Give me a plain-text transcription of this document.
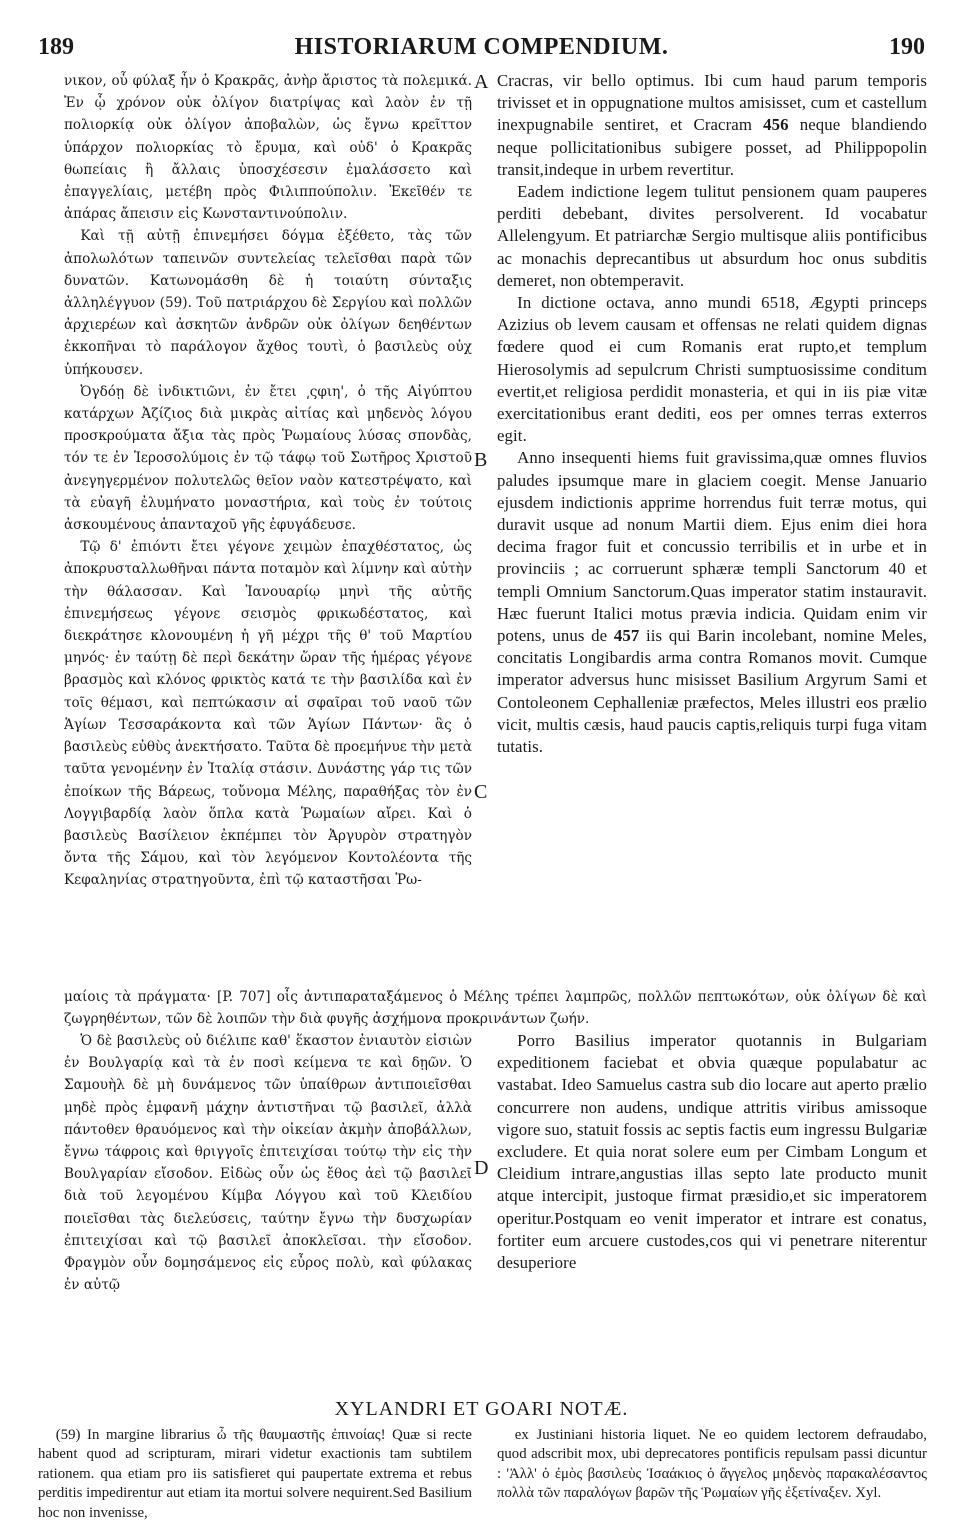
189	HISTORIARUM COMPENDIUM.	190

νικον, οὗ φύλαξ ἦν ὁ Κρακρᾶς, ἀνὴρ ἄριστος τὰ πολεμικά. Ἐν ᾧ χρόνον οὐκ ὀλίγον διατρίψας καὶ λαὸν ἐν τῇ πολιορκίᾳ οὐκ ὀλίγον ἀποβαλὼν, ὡς ἔγνω κρεῖττον ὑπάρχον πολιορκίας τὸ ἔρυμα, καὶ οὐδ' ὁ Κρακρᾶς θωπείαις ἢ ἄλλαις ὑποσχέσεσιν ἐμαλάσσετο καὶ ἐπαγγελίαις, μετέβη πρὸς Φιλιππούπολιν. Ἐκεῖθέν τε ἀπάρας ἄπεισιν εἰς Κωνσταντινούπολιν.

Καὶ τῇ αὐτῇ ἐπινεμήσει δόγμα ἐξέθετο, τὰς τῶν ἀπολωλότων ταπεινῶν συντελείας τελεῖσθαι παρὰ τῶν δυνατῶν. Κατωνομάσθη δὲ ἡ τοιαύτη σύνταξις ἀλληλέγγυον (59). Τοῦ πατριάρχου δὲ Σεργίου καὶ πολλῶν ἀρχιερέων καὶ ἀσκητῶν ἀνδρῶν οὐκ ὀλίγων δεηθέντων ἐκκοπῆναι τὸ παράλογον ἄχθος τουτὶ, ὁ βασιλεὺς οὐχ ὑπήκουσεν.

Ὀγδόῃ δὲ ἰνδικτιῶνι, ἐν ἔτει ͵ςφιη', ὁ τῆς Αἰγύπτου κατάρχων Ἀζίζιος διὰ μικρὰς αἰτίας καὶ μηδενὸς λόγου προσκρούματα ἄξια τὰς πρὸς Ῥωμαίους λύσας σπονδὰς, τόν τε ἐν Ἱεροσολύμοις ἐν τῷ τάφῳ τοῦ Σωτῆρος Χριστοῦ ἀνεγηγερμένον πολυτελῶς θεῖον ναὸν κατεστρέψατο, καὶ τὰ εὐαγῆ ἐλυμήνατο μοναστήρια, καὶ τοὺς ἐν τούτοις ἀσκουμένους ἁπανταχοῦ γῆς ἐφυγάδευσε.

Τῷ δ' ἐπιόντι ἔτει γέγονε χειμὼν ἐπαχθέστατος, ὡς ἀποκρυσταλλωθῆναι πάντα ποταμὸν καὶ λίμνην καὶ αὐτὴν τὴν θάλασσαν. Καὶ Ἰανουαρίῳ μηνὶ τῆς αὐτῆς ἐπινεμήσεως γέγονε σεισμὸς φρικωδέστατος, καὶ διεκράτησε κλονουμένη ἡ γῆ μέχρι τῆς θ' τοῦ Μαρτίου μηνός· ἐν ταύτῃ δὲ περὶ δεκάτην ὥραν τῆς ἡμέρας γέγονε βρασμὸς καὶ κλόνος φρικτὸς κατά τε τὴν βασιλίδα καὶ ἐν τοῖς θέμασι, καὶ πεπτώκασιν αἱ σφαῖραι τοῦ ναοῦ τῶν Ἁγίων Τεσσαράκοντα καὶ τῶν Ἁγίων Πάντων· ἃς ὁ βασιλεὺς εὐθὺς ἀνεκτήσατο. Ταῦτα δὲ προεμήνυε τὴν μετὰ ταῦτα γενομένην ἐν Ἰταλίᾳ στάσιν. Δυνάστης γάρ τις τῶν ἐποίκων τῆς Βάρεως, τοὔνομα Μέλης, παραθήξας τὸν ἐν Λογγιβαρδίᾳ λαὸν ὅπλα κατὰ Ῥωμαίων αἴρει. Καὶ ὁ βασιλεὺς Βασίλειον ἐκπέμπει τὸν Ἀργυρὸν στρατηγὸν ὄντα τῆς Σάμου, καὶ τὸν λεγόμενον Κοντολέοντα τῆς Κεφαληνίας στρατηγοῦντα, ἐπὶ τῷ καταστῆσαι Ῥω-

Cracras, vir bello optimus. Ibi cum haud parum temporis trivisset et in oppugnatione multos amisisset, cum et castellum inexpugnabile sentiret, et Cracram 456 neque blandiendo neque pollicitationibus subigere posset, ad Philippopolin transit,indeque in urbem revertitur.

Eadem indictione legem tulitut pensionem quam pauperes perditi debebant, divites persolverent. Id vocabatur Allelengyum. Et patriarchæ Sergio multisque aliis pontificibus ac monachis deprecantibus ut absurdum hoc onus subditis demeret, non obtemperavit.

In dictione octava, anno mundi 6518, Ægypti princeps Azizius ob levem causam et offensas ne relati quidem dignas fœdere quod ei cum Romanis erat rupto,et templum Hierosolymis ad sepulcrum Christi sumptuosissime conditum evertit,et religiosa perdidit monasteria, et qui in iis piæ vitæ exercitationibus erant dediti, eos per omnes terras exterros egit.

Anno insequenti hiems fuit gravissima,quæ omnes fluvios paludes ipsumque mare in glaciem coegit. Mense Januario ejusdem indictionis apprime horrendus fuit terræ motus, qui duravit usque ad nonum Martii diem. Ejus enim diei hora decima fragor fuit et concussio terribilis et in urbe et in provinciis ; ac corruerunt sphæræ templi Sanctorum 40 et templi Omnium Sanctorum.Quas imperator statim instauravit. Hæc fuerunt Italici motus prævia indicia. Quidam enim vir potens, unus de 457 iis qui Barin incolebant, nomine Meles, concitatis Longibardis arma contra Romanos movit. Cumque imperator adversus hunc misisset Basilium Argyrum Sami et Contoleonem Cephalleniæ præfectos, Meles illustri eos prælio vicit, multis cæsis, haud paucis captis,reliquis turpi fuga vitam tutatis.

μαίοις τὰ πράγματα· [P. 707] οἷς ἀντιπαραταξάμενος ὁ Μέλης τρέπει λαμπρῶς, πολλῶν πεπτωκότων, οὐκ ὀλίγων δὲ καὶ ζωγρηθέντων, τῶν δὲ λοιπῶν τὴν διὰ φυγῆς ἀσχήμονα προκρινάντων ζωήν.

Ὁ δὲ βασιλεὺς οὐ διέλιπε καθ' ἕκαστον ἐνιαυτὸν εἰσιὼν ἐν Βουλγαρίᾳ καὶ τὰ ἐν ποσὶ κείμενα τε καὶ δῃῶν. Ὁ Σαμουὴλ δὲ μὴ δυνάμενος τῶν ὑπαίθρων ἀντιποιεῖσθαι μηδὲ πρὸς ἐμφανῆ μάχην ἀντιστῆναι τῷ βασιλεῖ, ἀλλὰ πάντοθεν θραυόμενος καὶ τὴν οἰκείαν ἀκμὴν ἀποβάλλων, ἔγνω τάφροις καὶ θριγγοῖς ἐπιτειχίσαι τούτῳ τὴν εἰς τὴν Βουλγαρίαν εἴσοδον. Εἰδὼς οὖν ὡς ἔθος ἀεὶ τῷ βασιλεῖ διὰ τοῦ λεγομένου Κίμβα Λόγγου καὶ τοῦ Κλειδίου ποιεῖσθαι τὰς διελεύσεις, ταύτην ἔγνω τὴν δυσχωρίαν ἐπιτειχίσαι καὶ τῷ βασιλεῖ ἀποκλεῖσαι. τὴν εἴσοδον. Φραγμὸν οὖν δομησάμενος εἰς εὖρος πολὺ, καὶ φύλακας ἐν αὐτῷ

Porro Basilius imperator quotannis in Bulgariam expeditionem faciebat et obvia quæque populabatur ac vastabat. Ideo Samuelus castra sub dio locare aut aperto prælio concurrere non audens, undique attritis viribus amissoque vigore suo, statuit fossis ac septis factis eum ingressu Bulgariæ excludere. Et quia norat solere eum per Cimbam Longum et Cleidium intrare,angustias illas septo late producto munit atque intercipit, justoque firmat præsidio,et sic imperatorem operitur.Postquam eo venit imperator et intrare est conatus, fortiter eum arcuere custodes,cos qui vi penetrare niterentur desuperiore

A
B
C
D
XYLANDRI ET GOARI NOTÆ.

(59) In margine librarius ὦ τῆς θαυμαστῆς ἐπινοίας! Quæ si recte habent quod ad scripturam, mirari videtur exactionis tam subtilem rationem. qua etiam pro iis satisfieret qui paupertate extrema et rebus perditis impedirentur aut etiam ita mortui solvere nequirent.Sed Basilium hoc non invenisse,

ex Justiniani historia liquet. Ne eo quidem lectorem defraudabo, quod adscribit mox, ubi deprecatores pontificis repulsam passi dicuntur : 'Ἀλλ' ὁ ἐμὸς βασιλεὺς Ἰσαάκιος ὁ ἄγγελος μηδενὸς παρακαλέσαντος πολλὰ τῶν παραλόγων βαρῶν τῆς Ῥωμαίων γῆς ἐξετίναξεν. Xyl.
